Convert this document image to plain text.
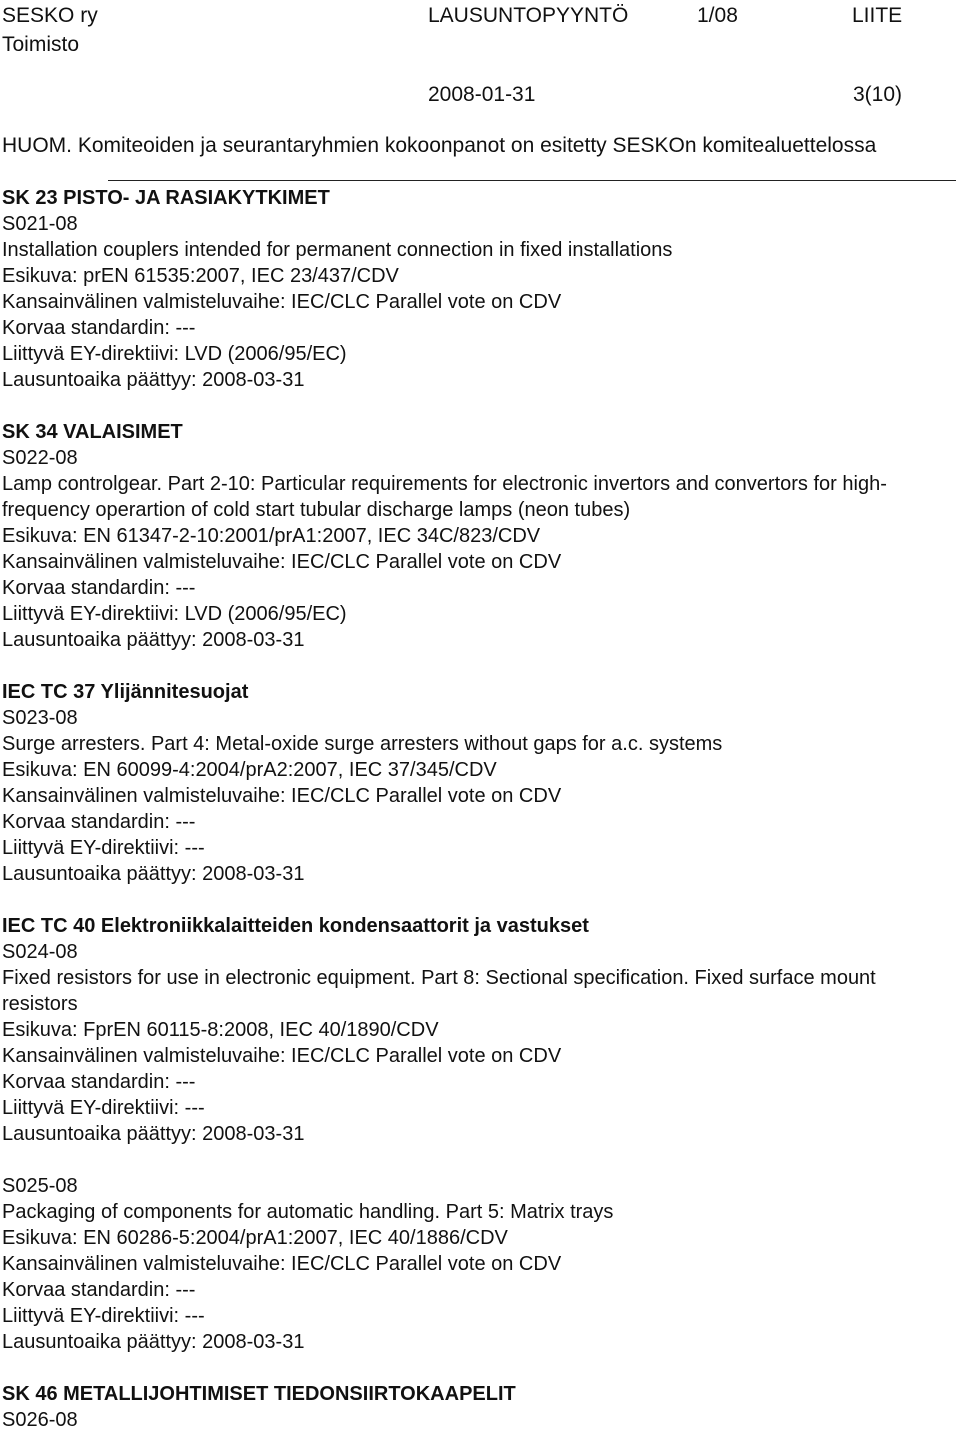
SESKO ry
Toimisto
LAUSUNTOPYYNTÖ	1/08	LIITE
2008-01-31	3(10)
HUOM. Komiteoiden ja seurantaryhmien kokoonpanot on esitetty SESKOn komitealuettelossa
SK 23 PISTO- JA RASIAKYTKIMET
S021-08
Installation couplers intended for permanent connection in fixed installations
Esikuva: prEN 61535:2007, IEC 23/437/CDV
Kansainvälinen valmisteluvaihe: IEC/CLC Parallel vote on CDV
Korvaa standardin: ---
Liittyvä EY-direktiivi: LVD (2006/95/EC)
Lausuntoaika päättyy: 2008-03-31
SK 34 VALAISIMET
S022-08
Lamp controlgear. Part 2-10: Particular requirements for electronic invertors and convertors for high-frequency operartion of cold start tubular discharge lamps (neon tubes)
Esikuva: EN 61347-2-10:2001/prA1:2007, IEC 34C/823/CDV
Kansainvälinen valmisteluvaihe: IEC/CLC Parallel vote on CDV
Korvaa standardin: ---
Liittyvä EY-direktiivi: LVD (2006/95/EC)
Lausuntoaika päättyy: 2008-03-31
IEC TC 37 Ylijännitesuojat
S023-08
Surge arresters. Part 4: Metal-oxide surge arresters without gaps for a.c. systems
Esikuva: EN 60099-4:2004/prA2:2007, IEC 37/345/CDV
Kansainvälinen valmisteluvaihe: IEC/CLC Parallel vote on CDV
Korvaa standardin: ---
Liittyvä EY-direktiivi: ---
Lausuntoaika päättyy: 2008-03-31
IEC TC 40 Elektroniikkalaitteiden kondensaattorit ja vastukset
S024-08
Fixed resistors for use in electronic equipment. Part 8: Sectional specification. Fixed surface mount resistors
Esikuva: FprEN 60115-8:2008, IEC 40/1890/CDV
Kansainvälinen valmisteluvaihe: IEC/CLC Parallel vote on CDV
Korvaa standardin: ---
Liittyvä EY-direktiivi: ---
Lausuntoaika päättyy: 2008-03-31
S025-08
Packaging of components for automatic handling. Part 5: Matrix trays
Esikuva: EN 60286-5:2004/prA1:2007, IEC 40/1886/CDV
Kansainvälinen valmisteluvaihe: IEC/CLC Parallel vote on CDV
Korvaa standardin: ---
Liittyvä EY-direktiivi: ---
Lausuntoaika päättyy: 2008-03-31
SK 46 METALLIJOHTIMISET TIEDONSIIRTOKAAPELIT
S026-08
